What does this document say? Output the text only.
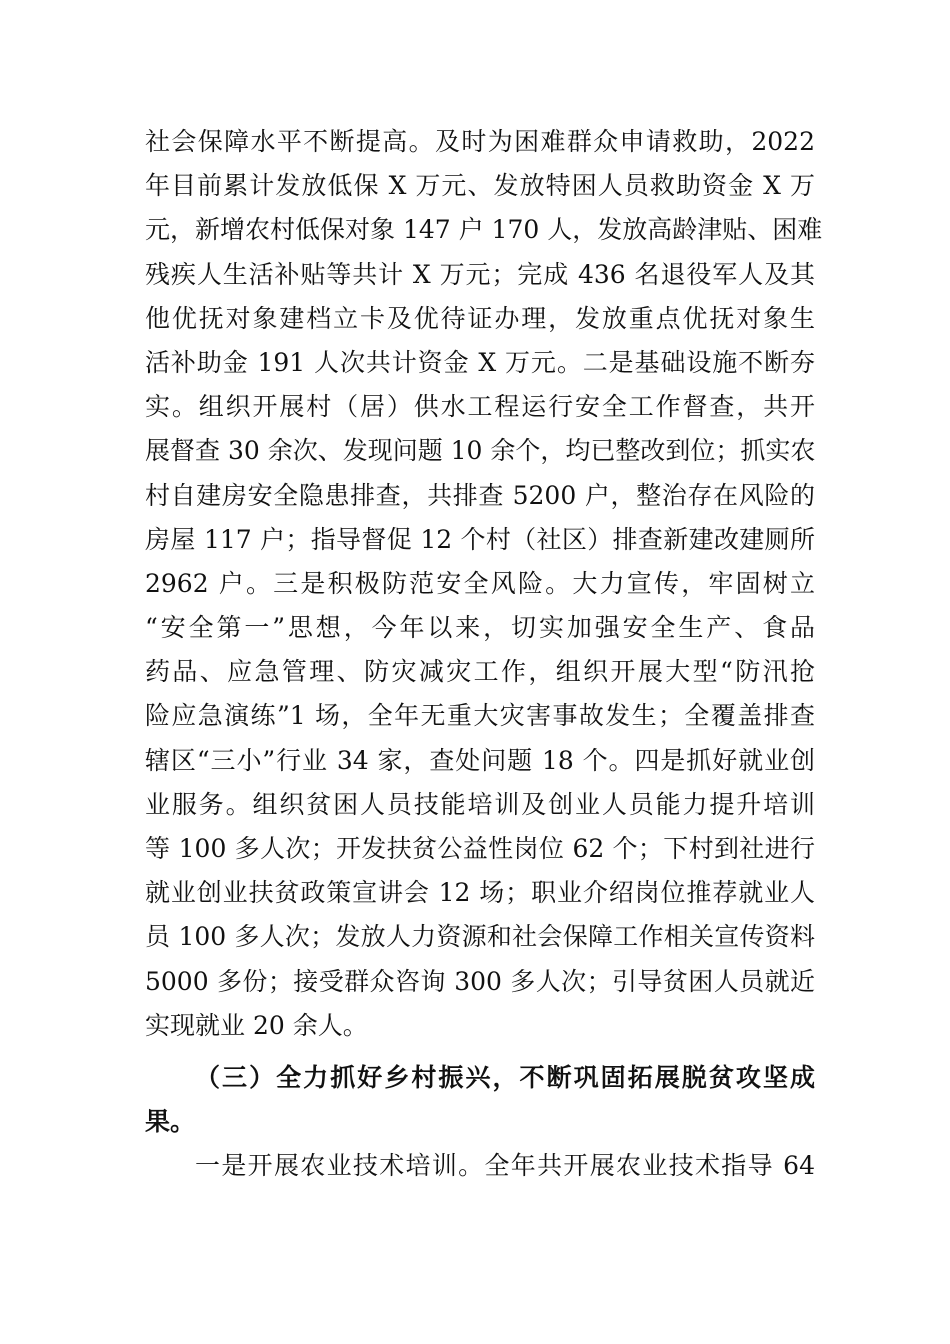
社会保障水平不断提高。及时为困难群众申请救助，2022
年目前累计发放低保 X 万元、发放特困人员救助资金 X 万
元，新增农村低保对象 147 户 170 人，发放高龄津贴、困难
残疾人生活补贴等共计 X 万元；完成 436 名退役军人及其
他优抚对象建档立卡及优待证办理，发放重点优抚对象生
活补助金 191 人次共计资金 X 万元。二是基础设施不断夯
实。组织开展村（居）供水工程运行安全工作督查，共开
展督查 30 余次、发现问题 10 余个，均已整改到位；抓实农
村自建房安全隐患排查，共排查 5200 户，整治存在风险的
房屋 117 户；指导督促 12 个村（社区）排查新建改建厕所
2962 户。三是积极防范安全风险。大力宣传，牢固树立
“安全第一”思想，今年以来，切实加强安全生产、食品
药品、应急管理、防灾减灾工作，组织开展大型“防汛抢
险应急演练”1 场，全年无重大灾害事故发生；全覆盖排查
辖区“三小”行业 34 家，查处问题 18 个。四是抓好就业创
业服务。组织贫困人员技能培训及创业人员能力提升培训
等 100 多人次；开发扶贫公益性岗位 62 个；下村到社进行
就业创业扶贫政策宣讲会 12 场；职业介绍岗位推荐就业人
员 100 多人次；发放人力资源和社会保障工作相关宣传资料
5000 多份；接受群众咨询 300 多人次；引导贫困人员就近
实现就业 20 余人。
（三）全力抓好乡村振兴，不断巩固拓展脱贫攻坚成
果。
一是开展农业技术培训。全年共开展农业技术指导 64
